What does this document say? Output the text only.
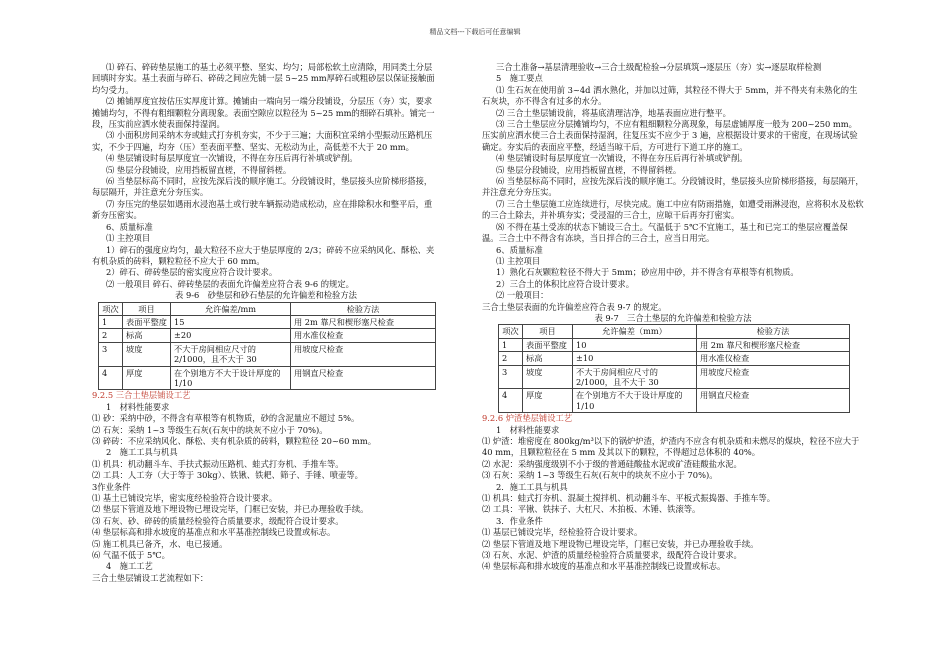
精品文档---下载后可任意编辑

⑴ 碎石、碎砖垫层施工的基土必须平整、坚实、均匀；局部松软土应清除，用同类土分层回填时夯实。基土表面与碎石、碎砖之间应先铺一层 5~25 mm厚碎石或粗砂层以保证接触面均匀受力。

⑵ 摊铺厚度宜按估压实厚度计算。摊铺由一端向另一端分段铺设，分层压（夯）实，要求摊铺均匀，不得有粗细颗粒分离现象。表面空隙应以粒径为 5~25 mm的细碎石填补。铺完一段，压实前应洒水使表面保持湿润。

⑶ 小面积房间采纳木夯或蛙式打夯机夯实，不少于三遍；大面积宜采纳小型振动压路机压实，不少于四遍，均夯（压）至表面平整、坚实、无松动为止，高低差不大于 20 mm。

⑷ 垫层铺设时每层厚度宜一次铺设，不得在夯压后再行补填或铲削。

⑸ 垫层分段铺设，应用挡板留直槎，不得留斜槎。

⑹ 当垫层标高不同时，应按先深后浅的顺序施工。分段铺设时，垫层接头应阶梯形搭接，每层隔开，并注意充分夯压实。

⑺ 夯压完的垫层如遇雨水浸泡基土或行驶车辆振动造成松动，应在排除积水和整平后，重新夯压密实。

6、质量标准

⑴ 主控项目

1）碎石的强度应均匀，最大粒径不应大于垫层厚度的 2/3；碎砖不应采纳风化、酥松、夹有机杂质的砖料，颗粒粒径不应大于 60 mm。

2）碎石、碎砖垫层的密实度应符合设计要求。

⑵ 一般项目 碎石、碎砖垫层的表面允许偏差应符合表 9-6 的规定。

表 9-6　砂垫层和砂石垫层的允许偏差和检验方法

项次	项目	允许偏差/mm	检验方法
1	表面平整度	15	用 2m 靠尺和楔形塞尺检查
2	标高	±20	用水准仪检查
3	坡度	不大于房间相应尺寸的 2/1000，且不大于 30	用坡度尺检查
4	厚度	在个别地方不大于设计厚度的 1/10	用钢直尺检查

9.2.5 三合土垫层铺设工艺

1　材料性能要求

⑴ 砂：采纳中砂，不得含有草根等有机物质，砂的含泥量应不超过 5%。

⑵ 石灰：采纳 1~3 等级生石灰(石灰中的块灰不应小于 70%)。

⑶ 碎砖：不应采纳风化、酥松、夹有机杂质的砖料，颗粒粒径 20~60 mm。

2　施工工具与机具

⑴ 机具：机动翻斗车、手扶式振动压路机、蛙式打夯机、手推车等。

⑵ 工具：人工夯（大于等于 30kg）、铁锹、铁耙、筛子、手锤、喷壶等。

3作业条件

⑴ 基土已铺设完毕，密实度经检验符合设计要求。

⑵ 垫层下管道及地下埋设物已埋设完毕，门框已安装，并已办理验收手续。

⑶ 石灰、砂、碎砖的质量经检验符合质量要求，级配符合设计要求。

⑷ 垫层标高和排水坡度的基准点和水平基准控制线已设置或标志。

⑸ 施工机具已备齐，水、电已接通。

⑹ 气温不低于 5℃。

4　施工工艺

三合土垫层铺设工艺流程如下：

三合土准备→基层清理验收→三合土级配检验→分层填筑→逐层压（夯）实→逐层取样检测

5　施工要点

⑴ 生石灰在使用前 3~4d 洒水熟化，并加以过筛，其粒径不得大于 5mm，并不得夹有未熟化的生石灰块，亦不得含有过多的水分。

⑵ 三合土垫层铺设前，将基底清理洁净，地基表面应进行整平。

⑶ 三合土垫层应分层摊铺均匀，不应有粗细颗粒分离现象，每层虚铺厚度一般为 200~250 mm。压实前应洒水使三合土表面保持湿润，往复压实不应少于 3 遍，应根据设计要求的干密度，在现场试验确定。夯实后的表面应平整，经适当晾干后，方可进行下道工序的施工。

⑷ 垫层铺设时每层厚度宜一次铺设，不得在夯压后再行补填或铲削。

⑸ 垫层分段铺设，应用挡板留直槎，不得留斜槎。

⑹ 当垫层标高不同时，应按先深后浅的顺序施工。分段铺设时，垫层接头应阶梯形搭接，每层隔开，并注意充分夯压实。

⑺ 三合土垫层施工应连续进行，尽快完成。施工中应有防雨措施，如遭受雨淋浸泡，应将积水及松软的三合土除去，并补填夯实；受浸湿的三合土，应晾干后再夯打密实。

⑻ 不得在基土受冻的状态下铺设三合土。气温低于 5℃不宜施工，基土和已完工的垫层应覆盖保温。三合土中不得含有冻块，当日拌合的三合土，应当日用完。

6、质量标准

⑴ 主控项目

1）熟化石灰颗粒粒径不得大于 5mm；砂应用中砂，并不得含有草根等有机物质。

2）三合土的体积比应符合设计要求。

⑵ 一般项目：

三合土垫层表面的允许偏差应符合表 9-7 的规定。

表 9-7　三合土垫层的允许偏差和检验方法

项次	项目	允许偏差（mm）	检验方法
1	表面平整度	10	用 2m 靠尺和楔形塞尺检查
2	标高	±10	用水准仪检查
3	坡度	不大于房间相应尺寸的 2/1000，且不大于 30	用坡度尺检查
4	厚度	在个别地方不大于设计厚度的 1/10	用钢直尺检查

9.2.6 炉渣垫层铺设工艺

1　材料性能要求

⑴ 炉渣：堆密度在 800kg/m³以下的锅炉炉渣，炉渣内不应含有机杂质和未燃尽的煤块，粒径不应大于 40 mm，且颗粒粒径在 5 mm 及其以下的颗粒，不得超过总体积的 40%。

⑵ 水泥：采纳强度级别不小于级的普通硅酸盐水泥或矿渣硅酸盐水泥。

⑶ 石灰：采纳 1~3 等级生石灰(石灰中的块灰不应小于 70%)。

2．施工工具与机具

⑴ 机具：蛙式打夯机、混凝土搅拌机、机动翻斗车、平板式振捣器、手推车等。

⑵ 工具：平锹、铁抹子、大杠尺、木拍板、木锤、铁滚等。

3．作业条件

⑴ 基层已铺设完毕，经检验符合设计要求。

⑵ 垫层下管道及地下埋设物已埋设完毕，门框已安装，并已办理验收手续。

⑶ 石灰、水泥、炉渣的质量经检验符合质量要求，级配符合设计要求。

⑷ 垫层标高和排水坡度的基准点和水平基准控制线已设置或标志。
